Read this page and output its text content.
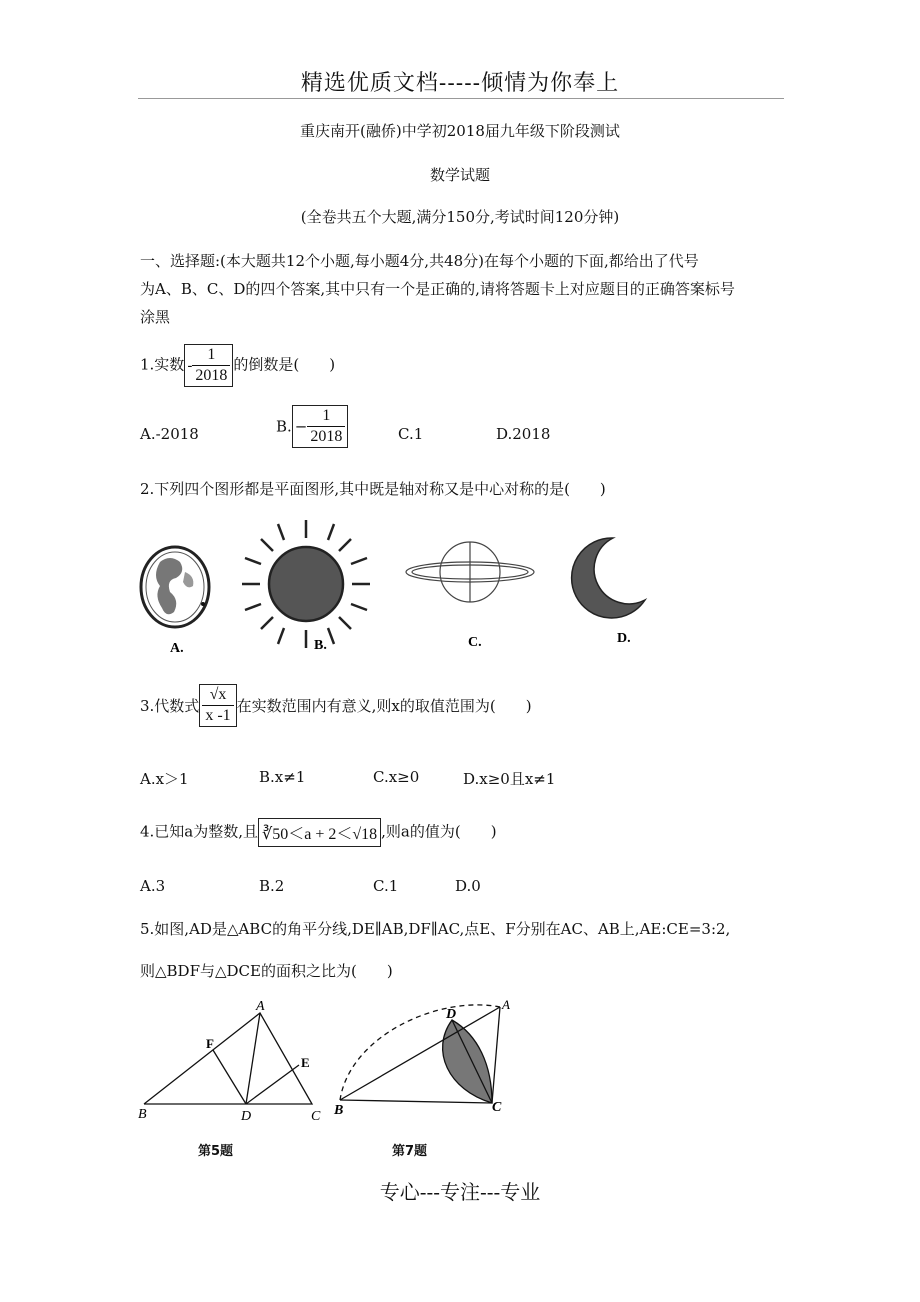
精选优质文档-----倾情为你奉上
重庆南开(融侨)中学初2018届九年级下阶段测试
数学试题
(全卷共五个大题,满分150分,考试时间120分钟)
一、选择题:(本大题共12个小题,每小题4分,共48分)在每个小题的下面,都给出了代号
为A、B、C、D的四个答案,其中只有一个是正确的,请将答题卡上对应题目的正确答案标号
涂黑
1.实数 - $\frac{1}{2018}$ 的倒数是(　　)
A.-2018	B. − $\frac{1}{2018}$	C.1	D.2018
2.下列四个图形都是平面图形,其中既是轴对称又是中心对称的是(　　)
A.	B.	C.	D.
3.代数式 $\frac{√x}{x -1}$ 在实数范围内有意义,则x的取值范围为(　　)
A.x＞1	B.x≠1	C.x≥0	D.x≥0且x≠1
4.已知a为整数,且 ∛50＜a + 2＜√18 ,则a的值为(　　)
A.3	B.2	C.1	D.0
5.如图,AD是△ABC的角平分线,DE∥AB,DF∥AC,点E、F分别在AC、AB上,AE:CE=3:2,
则△BDF与△DCE的面积之比为(　　)
A
F
E
B	D	C
A
D
B	C
第5题	第7题
专心---专注---专业
